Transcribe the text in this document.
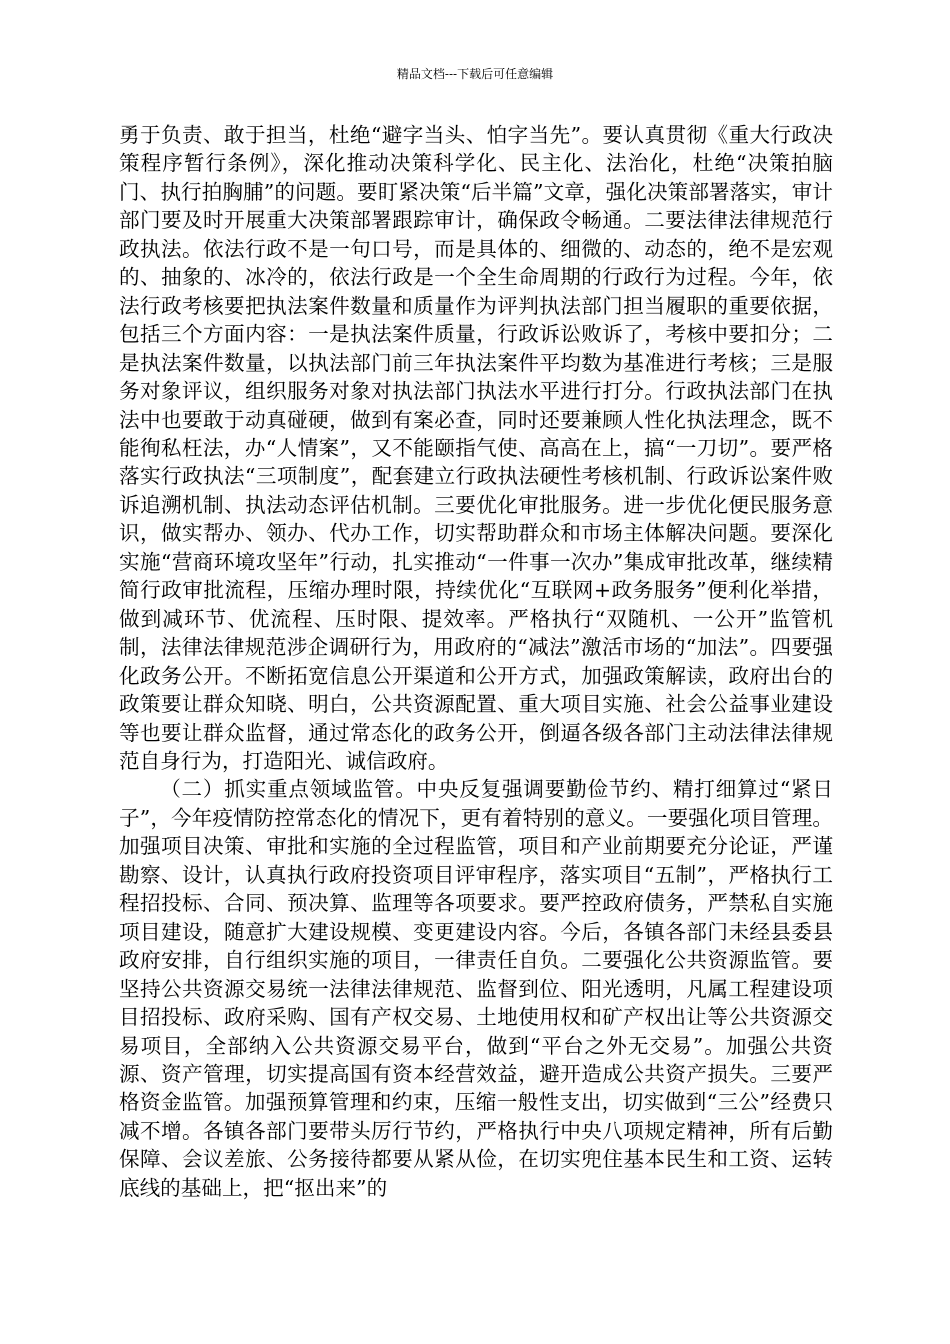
精品文档---下载后可任意编辑

勇于负责、敢于担当，杜绝“避字当头、怕字当先”。要认真贯彻《重大行政决策程序暂行条例》，深化推动决策科学化、民主化、法治化，杜绝“决策拍脑门、执行拍胸脯”的问题。要盯紧决策“后半篇”文章，强化决策部署落实，审计部门要及时开展重大决策部署跟踪审计，确保政令畅通。二要法律法律规范行政执法。依法行政不是一句口号，而是具体的、细微的、动态的，绝不是宏观的、抽象的、冰冷的，依法行政是一个全生命周期的行政行为过程。今年，依法行政考核要把执法案件数量和质量作为评判执法部门担当履职的重要依据，包括三个方面内容：一是执法案件质量，行政诉讼败诉了，考核中要扣分；二是执法案件数量，以执法部门前三年执法案件平均数为基准进行考核；三是服务对象评议，组织服务对象对执法部门执法水平进行打分。行政执法部门在执法中也要敢于动真碰硬，做到有案必查，同时还要兼顾人性化执法理念，既不能徇私枉法，办“人情案”，又不能颐指气使、高高在上，搞“一刀切”。要严格落实行政执法“三项制度”，配套建立行政执法硬性考核机制、行政诉讼案件败诉追溯机制、执法动态评估机制。三要优化审批服务。进一步优化便民服务意识，做实帮办、领办、代办工作，切实帮助群众和市场主体解决问题。要深化实施“营商环境攻坚年”行动，扎实推动“一件事一次办”集成审批改革，继续精简行政审批流程，压缩办理时限，持续优化“互联网+政务服务”便利化举措，做到减环节、优流程、压时限、提效率。严格执行“双随机、一公开”监管机制，法律法律规范涉企调研行为，用政府的“减法”激活市场的“加法”。四要强化政务公开。不断拓宽信息公开渠道和公开方式，加强政策解读，政府出台的政策要让群众知晓、明白，公共资源配置、重大项目实施、社会公益事业建设等也要让群众监督，通过常态化的政务公开，倒逼各级各部门主动法律法律规范自身行为，打造阳光、诚信政府。

（二）抓实重点领域监管。中央反复强调要勤俭节约、精打细算过“紧日子”，今年疫情防控常态化的情况下，更有着特别的意义。一要强化项目管理。加强项目决策、审批和实施的全过程监管，项目和产业前期要充分论证，严谨勘察、设计，认真执行政府投资项目评审程序，落实项目“五制”，严格执行工程招投标、合同、预决算、监理等各项要求。要严控政府债务，严禁私自实施项目建设，随意扩大建设规模、变更建设内容。今后，各镇各部门未经县委县政府安排，自行组织实施的项目，一律责任自负。二要强化公共资源监管。要坚持公共资源交易统一法律法律规范、监督到位、阳光透明，凡属工程建设项目招投标、政府采购、国有产权交易、土地使用权和矿产权出让等公共资源交易项目，全部纳入公共资源交易平台，做到“平台之外无交易”。加强公共资源、资产管理，切实提高国有资本经营效益，避开造成公共资产损失。三要严格资金监管。加强预算管理和约束，压缩一般性支出，切实做到“三公”经费只减不增。各镇各部门要带头厉行节约，严格执行中央八项规定精神，所有后勤保障、会议差旅、公务接待都要从紧从俭，在切实兜住基本民生和工资、运转底线的基础上，把“抠出来”的
